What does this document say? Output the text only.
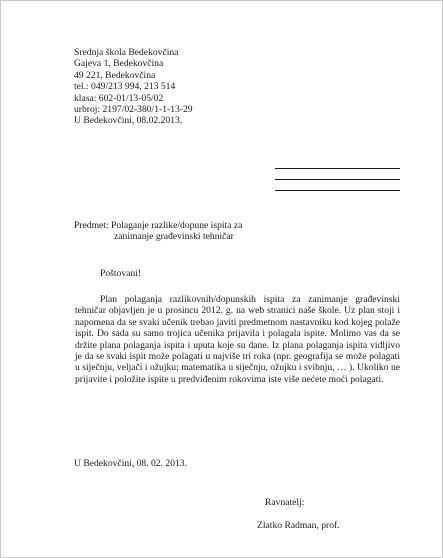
Srednja škola Bedekovčina
Gajeva 1, Bedekovčina
49 221, Bedekovčina
tel.: 049/213 994, 213 514
klasa: 602-01/13-05/02
urbroj: 2197/02-380/1-1-13-29
U Bedekovčini, 08.02.2013.
Predmet: Polaganje razlike/dopune ispita za
zanimanje građevinski tehničar
Poštovani!
Plan polaganja razlikovnih/dopunskih ispita za zanimanje građevinski tehničar objavljen je u prosincu 2012. g. na web stranici naše škole. Uz plan stoji i napomena da se svaki učenik trebao javiti predmetnom nastavniku kod kojeg polaže ispit. Do sada su samo trojica učenika prijavila i polagala ispite. Molimo vas da se držite plana polaganja ispita i uputa koje su dane. Iz plana polaganja ispita vidljivo je da se svaki ispit može polagati u najviše tri roka (npr. geografija se može polagati u siječnju, veljači i ožujku; matematika u siječnju, ožujku i svibnju, … ). Ukoliko ne prijavite i položite ispite u predviđenim rokovima iste više nećete moći polagati.
U Bedekovčini, 08. 02. 2013.
Ravnatelj:
Zlatko Radman, prof.
